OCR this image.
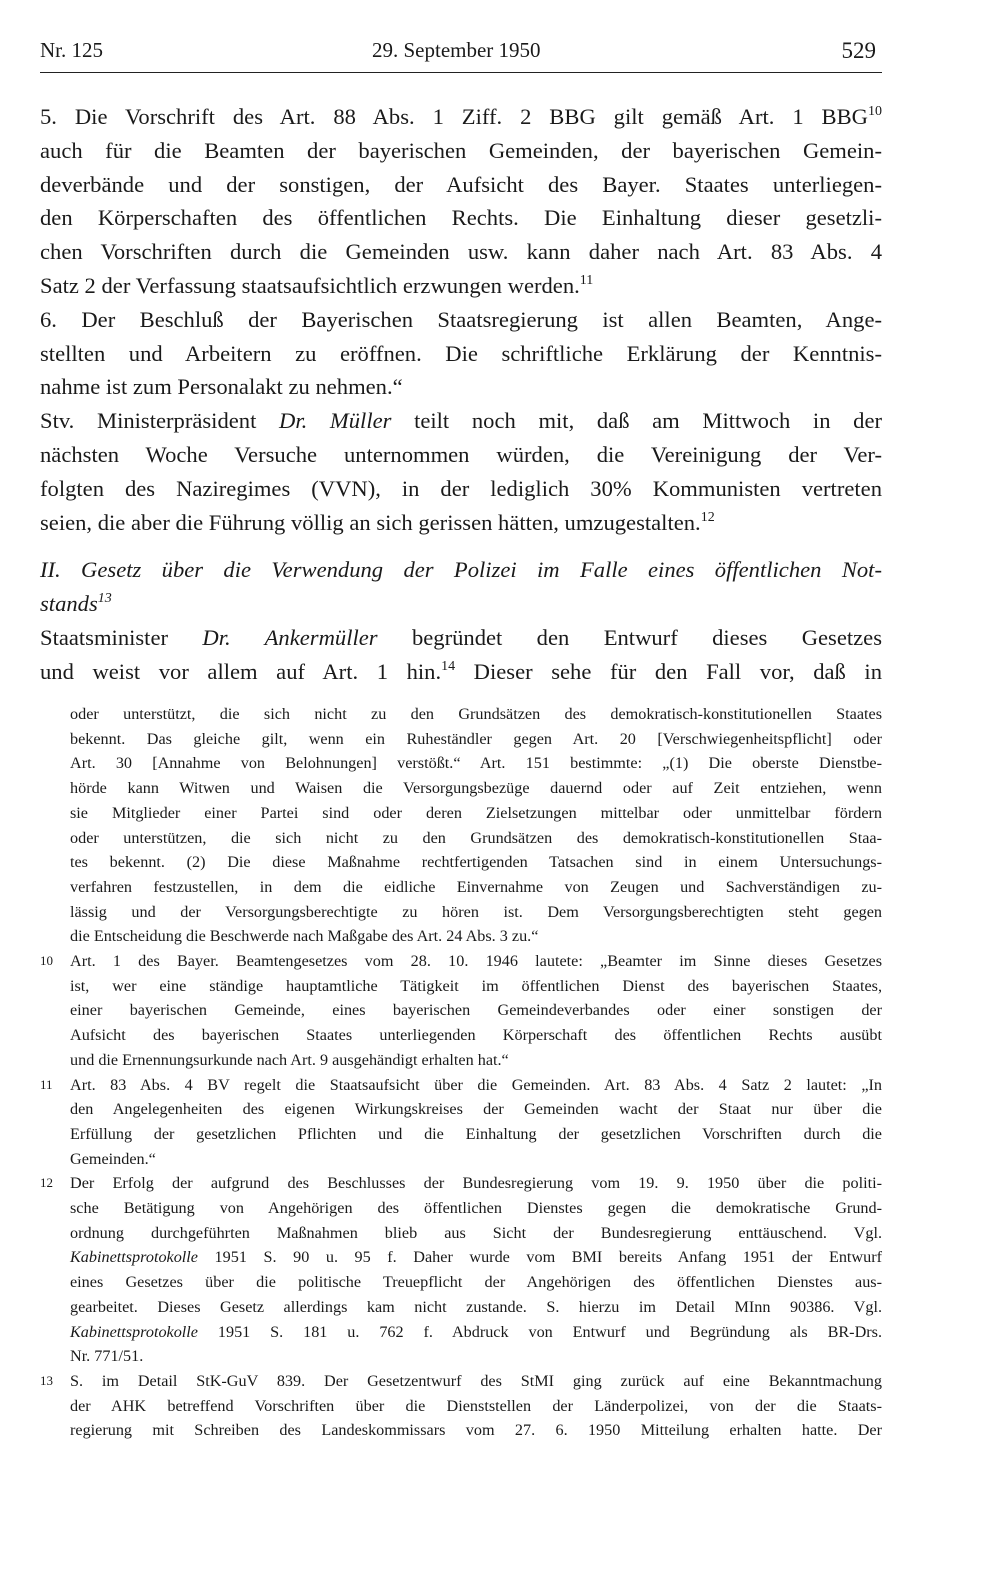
Nr. 125	29. September 1950	529

5. Die Vorschrift des Art. 88 Abs. 1 Ziff. 2 BBG gilt gemäß Art. 1 BBG$^{10}$
auch für die Beamten der bayerischen Gemeinden, der bayerischen Gemein-
deverbände und der sonstigen, der Aufsicht des Bayer. Staates unterliegen-
den Körperschaften des öffentlichen Rechts. Die Einhaltung dieser gesetzli-
chen Vorschriften durch die Gemeinden usw. kann daher nach Art. 83 Abs. 4
Satz 2 der Verfassung staatsaufsichtlich erzwungen werden.$^{11}$

6. Der Beschluß der Bayerischen Staatsregierung ist allen Beamten, Ange-
stellten und Arbeitern zu eröffnen. Die schriftliche Erklärung der Kenntnis-
nahme ist zum Personalakt zu nehmen.“

Stv. Ministerpräsident Dr. Müller teilt noch mit, daß am Mittwoch in der
nächsten Woche Versuche unternommen würden, die Vereinigung der Ver-
folgten des Naziregimes (VVN), in der lediglich 30% Kommunisten vertreten
seien, die aber die Führung völlig an sich gerissen hätten, umzugestalten.$^{12}$

II. Gesetz über die Verwendung der Polizei im Falle eines öffentlichen Not-
stands$^{13}$

Staatsminister Dr. Ankermüller begründet den Entwurf dieses Gesetzes
und weist vor allem auf Art. 1 hin.$^{14}$ Dieser sehe für den Fall vor, daß in

oder unterstützt, die sich nicht zu den Grundsätzen des demokratisch-konstitutionellen Staates
bekennt. Das gleiche gilt, wenn ein Ruheständler gegen Art. 20 [Verschwiegenheitspflicht] oder
Art. 30 [Annahme von Belohnungen] verstößt.“ Art. 151 bestimmte: „(1) Die oberste Dienstbe-
hörde kann Witwen und Waisen die Versorgungsbezüge dauernd oder auf Zeit entziehen, wenn
sie Mitglieder einer Partei sind oder deren Zielsetzungen mittelbar oder unmittelbar fördern
oder unterstützen, die sich nicht zu den Grundsätzen des demokratisch-konstitutionellen Staa-
tes bekennt. (2) Die diese Maßnahme rechtfertigenden Tatsachen sind in einem Untersuchungs-
verfahren festzustellen, in dem die eidliche Einvernahme von Zeugen und Sachverständigen zu-
lässig und der Versorgungsberechtigte zu hören ist. Dem Versorgungsberechtigten steht gegen
die Entscheidung die Beschwerde nach Maßgabe des Art. 24 Abs. 3 zu.“
10 Art. 1 des Bayer. Beamtengesetzes vom 28. 10. 1946 lautete: „Beamter im Sinne dieses Gesetzes
ist, wer eine ständige hauptamtliche Tätigkeit im öffentlichen Dienst des bayerischen Staates,
einer bayerischen Gemeinde, eines bayerischen Gemeindeverbandes oder einer sonstigen der
Aufsicht des bayerischen Staates unterliegenden Körperschaft des öffentlichen Rechts ausübt
und die Ernennungsurkunde nach Art. 9 ausgehändigt erhalten hat.“
11 Art. 83 Abs. 4 BV regelt die Staatsaufsicht über die Gemeinden. Art. 83 Abs. 4 Satz 2 lautet: „In
den Angelegenheiten des eigenen Wirkungskreises der Gemeinden wacht der Staat nur über die
Erfüllung der gesetzlichen Pflichten und die Einhaltung der gesetzlichen Vorschriften durch die
Gemeinden.“
12 Der Erfolg der aufgrund des Beschlusses der Bundesregierung vom 19. 9. 1950 über die politi-
sche Betätigung von Angehörigen des öffentlichen Dienstes gegen die demokratische Grund-
ordnung durchgeführten Maßnahmen blieb aus Sicht der Bundesregierung enttäuschend. Vgl.
Kabinettsprotokolle 1951 S. 90 u. 95 f. Daher wurde vom BMI bereits Anfang 1951 der Entwurf
eines Gesetzes über die politische Treuepflicht der Angehörigen des öffentlichen Dienstes aus-
gearbeitet. Dieses Gesetz allerdings kam nicht zustande. S. hierzu im Detail MInn 90386. Vgl.
Kabinettsprotokolle 1951 S. 181 u. 762 f. Abdruck von Entwurf und Begründung als BR-Drs.
Nr. 771/51.
13 S. im Detail StK-GuV 839. Der Gesetzentwurf des StMI ging zurück auf eine Bekanntmachung
der AHK betreffend Vorschriften über die Dienststellen der Länderpolizei, von der die Staats-
regierung mit Schreiben des Landeskommissars vom 27. 6. 1950 Mitteilung erhalten hatte. Der
